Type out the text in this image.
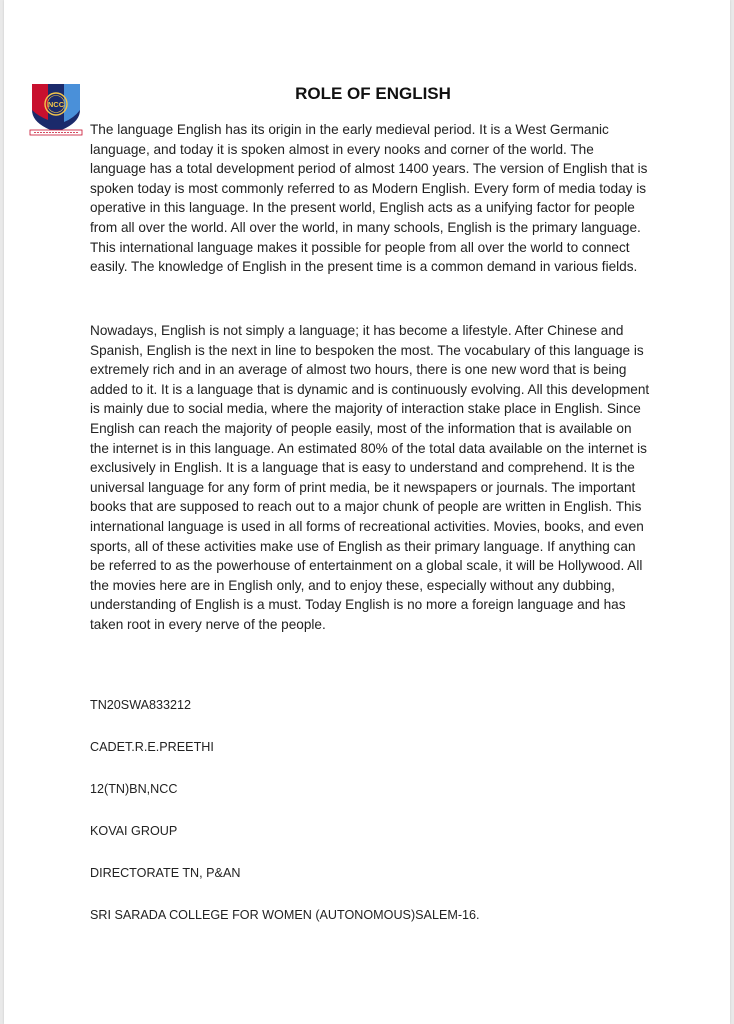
NCC
ROLE OF ENGLISH
The language English has its origin in the early medieval period. It is a West Germanic language, and today it is spoken almost in every nooks and corner of the world. The language has a total development period of almost 1400 years. The version of English that is spoken today is most commonly referred to as Modern English. Every form of media today is operative in this language. In the present world, English acts as a unifying factor for people from all over the world. All over the world, in many schools, English is the primary language. This international language makes it possible for people from all over the world to connect easily. The knowledge of English in the present time is a common demand in various fields.
Nowadays, English is not simply a language; it has become a lifestyle. After Chinese and Spanish, English is the next in line to bespoken the most. The vocabulary of this language is extremely rich and in an average of almost two hours, there is one new word that is being added to it. It is a language that is dynamic and is continuously evolving. All this development is mainly due to social media, where the majority of interaction stake place in English. Since English can reach the majority of people easily, most of the information that is available on the internet is in this language. An estimated 80% of the total data available on the internet is exclusively in English. It is a language that is easy to understand and comprehend. It is the universal language for any form of print media, be it newspapers or journals. The important books that are supposed to reach out to a major chunk of people are written in English. This international language is used in all forms of recreational activities. Movies, books, and even sports, all of these activities make use of English as their primary language. If anything can be referred to as the powerhouse of entertainment on a global scale, it will be Hollywood. All the movies here are in English only, and to enjoy these, especially without any dubbing, understanding of English is a must. Today English is no more a foreign language and has taken root in every nerve of the people.
TN20SWA833212
CADET.R.E.PREETHI
12(TN)BN,NCC
KOVAI GROUP
DIRECTORATE TN, P&AN
SRI SARADA COLLEGE FOR WOMEN (AUTONOMOUS)SALEM-16.
